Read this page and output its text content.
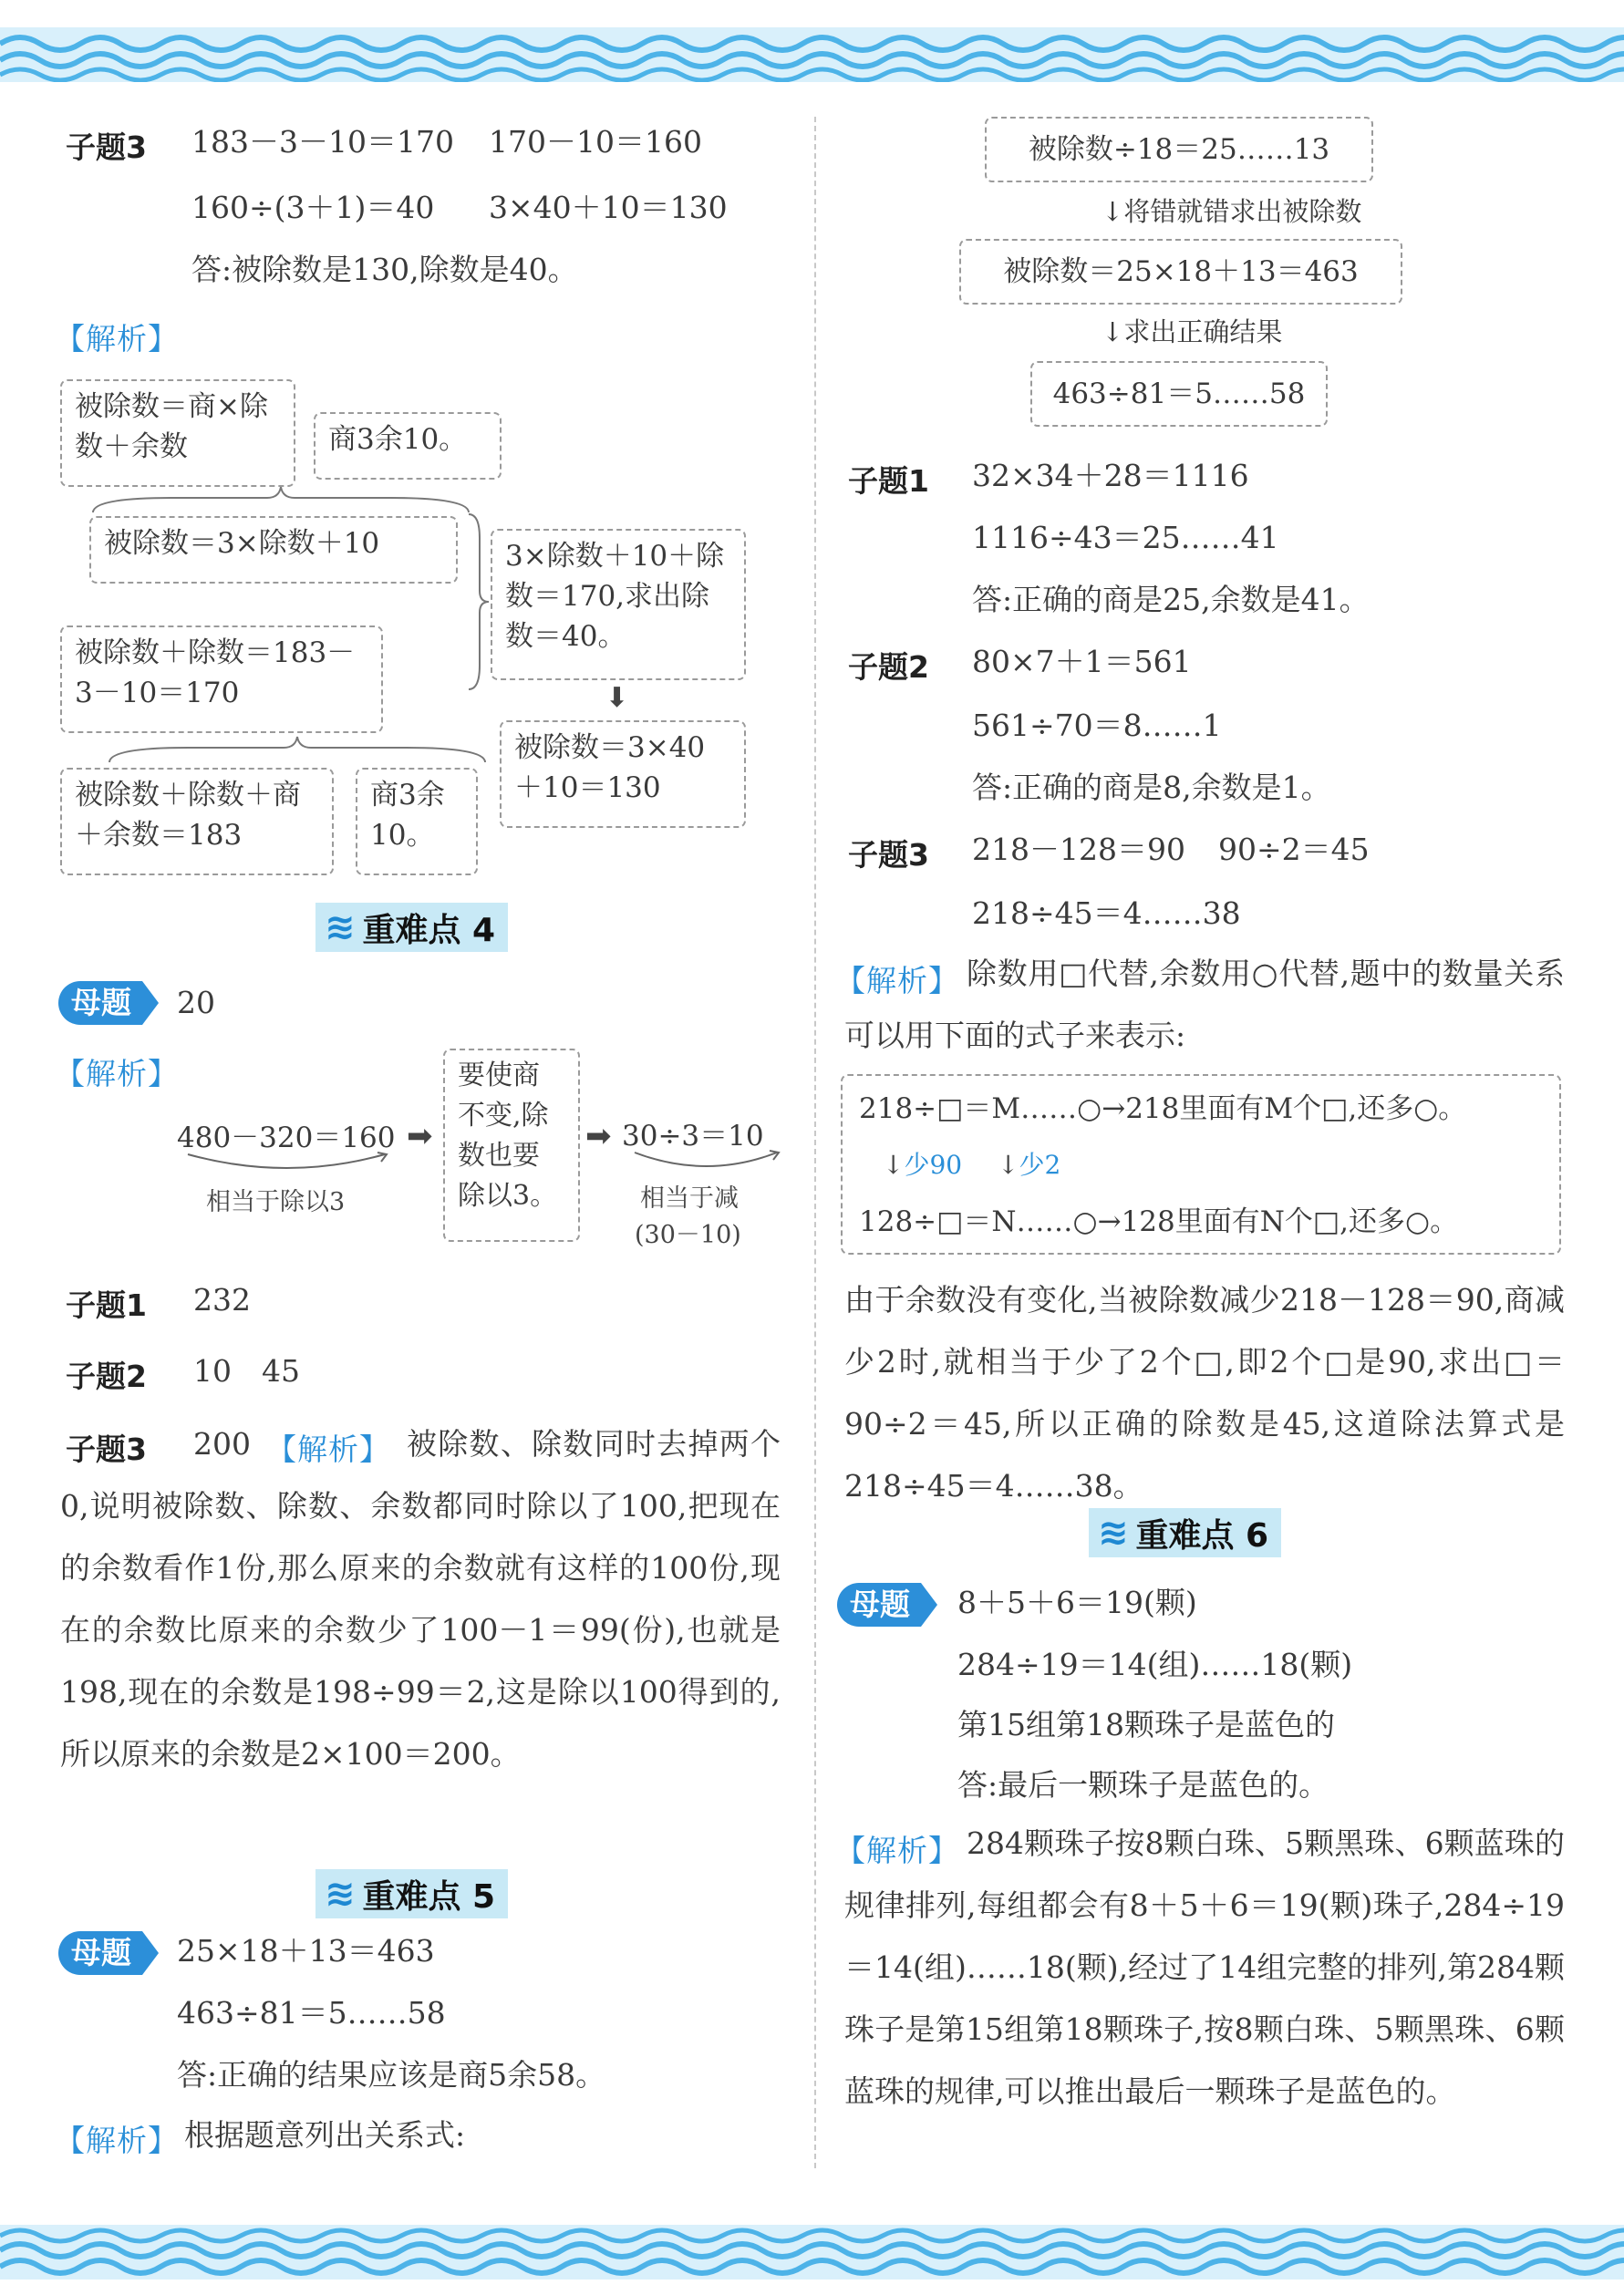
子题3 183－3－10＝170 170－10＝160
160÷(3＋1)＝40 3×40＋10＝130
答:被除数是130,除数是40。
【解析】
被除数＝商×除数＋余数	商3余10。
被除数＝3×除数＋10	3×除数＋10＋除数＝170,求出除数＝40。
被除数＋除数＝183－3－10＝170	⬇
被除数＝3×40＋10＝130
被除数＋除数＋商＋余数＝183
商3余10。
≋ 重难点 4
母题 20
【解析】
480－320＝160
相当于除以3
➡
要使商不变,除数也要除以3。
➡ 30÷3＝10
相当于减
(30－10)
子题1 232
子题2 10　45
子题3 200 【解析】 被除数、除数同时去掉两个0,说明被除数、除数、余数都同时除以了100,把现在的余数看作1份,那么原来的余数就有这样的100份,现在的余数比原来的余数少了100－1＝99(份),也就是198,现在的余数是198÷99＝2,这是除以100得到的,所以原来的余数是2×100＝200。
≋ 重难点 5
母题 25×18＋13＝463
463÷81＝5……58
答:正确的结果应该是商5余58。
【解析】 根据题意列出关系式:
被除数÷18＝25……13
↓将错就错求出被除数
被除数＝25×18＋13＝463
↓求出正确结果
463÷81＝5……58
子题1 32×34＋28＝1116
1116÷43＝25……41
答:正确的商是25,余数是41。
子题2 80×7＋1＝561
561÷70＝8……1
答:正确的商是8,余数是1。
子题3 218－128＝90 90÷2＝45
218÷45＝4……38
【解析】 除数用□代替,余数用○代替,题中的数量关系可以用下面的式子来表示:
218÷□＝M……○→218里面有M个□,还多○。
↓少90 ↓少2
128÷□＝N……○→128里面有N个□,还多○。
由于余数没有变化,当被除数减少218－128＝90,商减少2时,就相当于少了2个□,即2个□是90,求出□＝90÷2＝45,所以正确的除数是45,这道除法算式是218÷45＝4……38。
≋ 重难点 6
母题 8＋5＋6＝19(颗)
284÷19＝14(组)……18(颗)
第15组第18颗珠子是蓝色的
答:最后一颗珠子是蓝色的。
【解析】 284颗珠子按8颗白珠、5颗黑珠、6颗蓝珠的规律排列,每组都会有8＋5＋6＝19(颗)珠子,284÷19＝14(组)……18(颗),经过了14组完整的排列,第284颗珠子是第15组第18颗珠子,按8颗白珠、5颗黑珠、6颗蓝珠的规律,可以推出最后一颗珠子是蓝色的。
